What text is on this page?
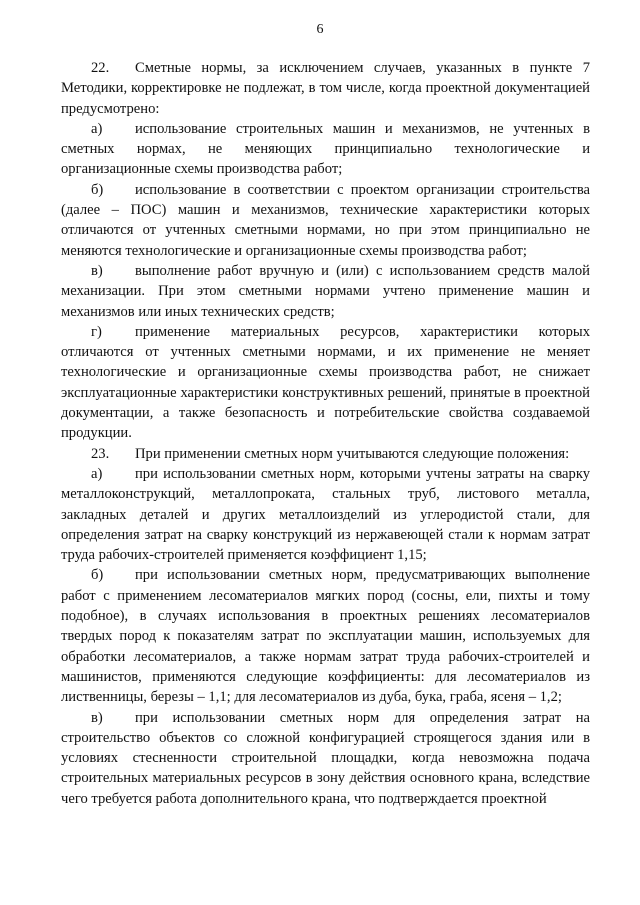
6

22. Сметные нормы, за исключением случаев, указанных в пункте 7 Методики, корректировке не подлежат, в том числе, когда проектной документацией предусмотрено:

а) использование строительных машин и механизмов, не учтенных в сметных нормах, не меняющих принципиально технологические и организационные схемы производства работ;

б) использование в соответствии с проектом организации строительства (далее – ПОС) машин и механизмов, технические характеристики которых отличаются от учтенных сметными нормами, но при этом принципиально не меняются технологические и организационные схемы производства работ;

в) выполнение работ вручную и (или) с использованием средств малой механизации. При этом сметными нормами учтено применение машин и механизмов или иных технических средств;

г) применение материальных ресурсов, характеристики которых отличаются от учтенных сметными нормами, и их применение не меняет технологические и организационные схемы производства работ, не снижает эксплуатационные характеристики конструктивных решений, принятые в проектной документации, а также безопасность и потребительские свойства создаваемой продукции.

23. При применении сметных норм учитываются следующие положения:

а) при использовании сметных норм, которыми учтены затраты на сварку металлоконструкций, металлопроката, стальных труб, листового металла, закладных деталей и других металлоизделий из углеродистой стали, для определения затрат на сварку конструкций из нержавеющей стали к нормам затрат труда рабочих-строителей применяется коэффициент 1,15;

б) при использовании сметных норм, предусматривающих выполнение работ с применением лесоматериалов мягких пород (сосны, ели, пихты и тому подобное), в случаях использования в проектных решениях лесоматериалов твердых пород к показателям затрат по эксплуатации машин, используемых для обработки лесоматериалов, а также нормам затрат труда рабочих-строителей и машинистов, применяются следующие коэффициенты: для лесоматериалов из лиственницы, березы – 1,1; для лесоматериалов из дуба, бука, граба, ясеня – 1,2;

в) при использовании сметных норм для определения затрат на строительство объектов со сложной конфигурацией строящегося здания или в условиях стесненности строительной площадки, когда невозможна подача строительных материальных ресурсов в зону действия основного крана, вследствие чего требуется работа дополнительного крана, что подтверждается проектной
